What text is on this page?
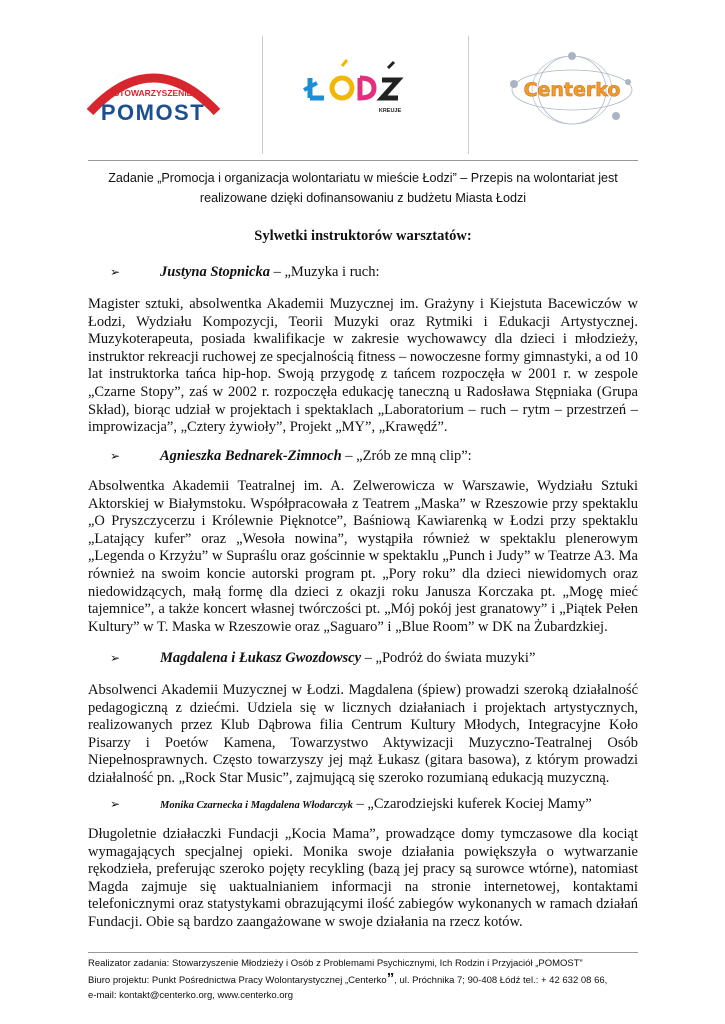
STOWARZYSZENIE
POMOST	KREUJE
Centerko
Zadanie „Promocja i organizacja wolontariatu w mieście Łodzi” – Przepis na wolontariat jest
realizowane dzięki dofinansowaniu z budżetu Miasta Łodzi
Sylwetki instruktorów warsztatów:
➢	Justyna Stopnicka – „Muzyka i ruch:
Magister sztuki, absolwentka Akademii Muzycznej im. Grażyny i Kiejstuta Bacewiczów w Łodzi, Wydziału Kompozycji, Teorii Muzyki oraz Rytmiki i Edukacji Artystycznej. Muzykoterapeuta, posiada kwalifikacje w zakresie wychowawcy dla dzieci i młodzieży, instruktor rekreacji ruchowej ze specjalnością fitness – nowoczesne formy gimnastyki, a od 10 lat instruktorka tańca hip-hop. Swoją przygodę z tańcem rozpoczęła w 2001 r. w zespole „Czarne Stopy”, zaś w 2002 r. rozpoczęła edukację taneczną u Radosława Stępniaka (Grupa Skład), biorąc udział w projektach i spektaklach „Laboratorium – ruch – rytm – przestrzeń – improwizacja”, „Cztery żywioły”, Projekt „MY”, „Krawędź”.
➢	Agnieszka Bednarek-Zimnoch – „Zrób ze mną clip”:
Absolwentka Akademii Teatralnej im. A. Zelwerowicza w Warszawie, Wydziału Sztuki Aktorskiej w Białymstoku. Współpracowała z Teatrem „Maska” w Rzeszowie przy spektaklu „O Pryszczycerzu i Królewnie Pięknotce”, Baśniową Kawiarenką w Łodzi przy spektaklu „Latający kufer” oraz „Wesoła nowina”, wystąpiła również w spektaklu plenerowym „Legenda o Krzyżu” w Supraślu oraz gościnnie w spektaklu „Punch i Judy” w Teatrze A3. Ma również na swoim koncie autorski program pt. „Pory roku” dla dzieci niewidomych oraz niedowidzących, małą formę dla dzieci z okazji roku Janusza Korczaka pt. „Mogę mieć tajemnice”, a także koncert własnej twórczości pt. „Mój pokój jest granatowy” i „Piątek Pełen Kultury” w T. Maska w Rzeszowie oraz „Saguaro” i „Blue Room” w DK na Żubardzkiej.
➢	Magdalena i Łukasz Gwozdowscy – „Podróż do świata muzyki”
Absolwenci Akademii Muzycznej w Łodzi. Magdalena (śpiew) prowadzi szeroką działalność pedagogiczną z dziećmi. Udziela się w licznych działaniach i projektach artystycznych, realizowanych przez Klub Dąbrowa filia Centrum Kultury Młodych, Integracyjne Koło Pisarzy i Poetów Kamena, Towarzystwo Aktywizacji Muzyczno-Teatralnej Osób Niepełnosprawnych. Często towarzyszy jej mąż Łukasz (gitara basowa), z którym prowadzi działalność pn. „Rock Star Music”, zajmującą się szeroko rozumianą edukacją muzyczną.
➢	Monika Czarnecka i Magdalena Włodarczyk – „Czarodziejski kuferek Kociej Mamy”
Długoletnie działaczki Fundacji „Kocia Mama”, prowadzące domy tymczasowe dla kociąt wymagających specjalnej opieki. Monika swoje działania powiększyła o wytwarzanie rękodzieła, preferując szeroko pojęty recykling (bazą jej pracy są surowce wtórne), natomiast Magda zajmuje się uaktualnianiem informacji na stronie internetowej, kontaktami telefonicznymi oraz statystykami obrazującymi ilość zabiegów wykonanych w ramach działań Fundacji. Obie są bardzo zaangażowane w swoje działania na rzecz kotów.
Realizator zadania: Stowarzyszenie Młodzieży i Osób z Problemami Psychicznymi, Ich Rodzin i Przyjaciół „POMOST”
Biuro projektu: Punkt Pośrednictwa Pracy Wolontarystycznej „Centerko”, ul. Próchnika 7; 90-408 Łódź tel.: + 42 632 08 66,
e-mail: kontakt@centerko.org, www.centerko.org
